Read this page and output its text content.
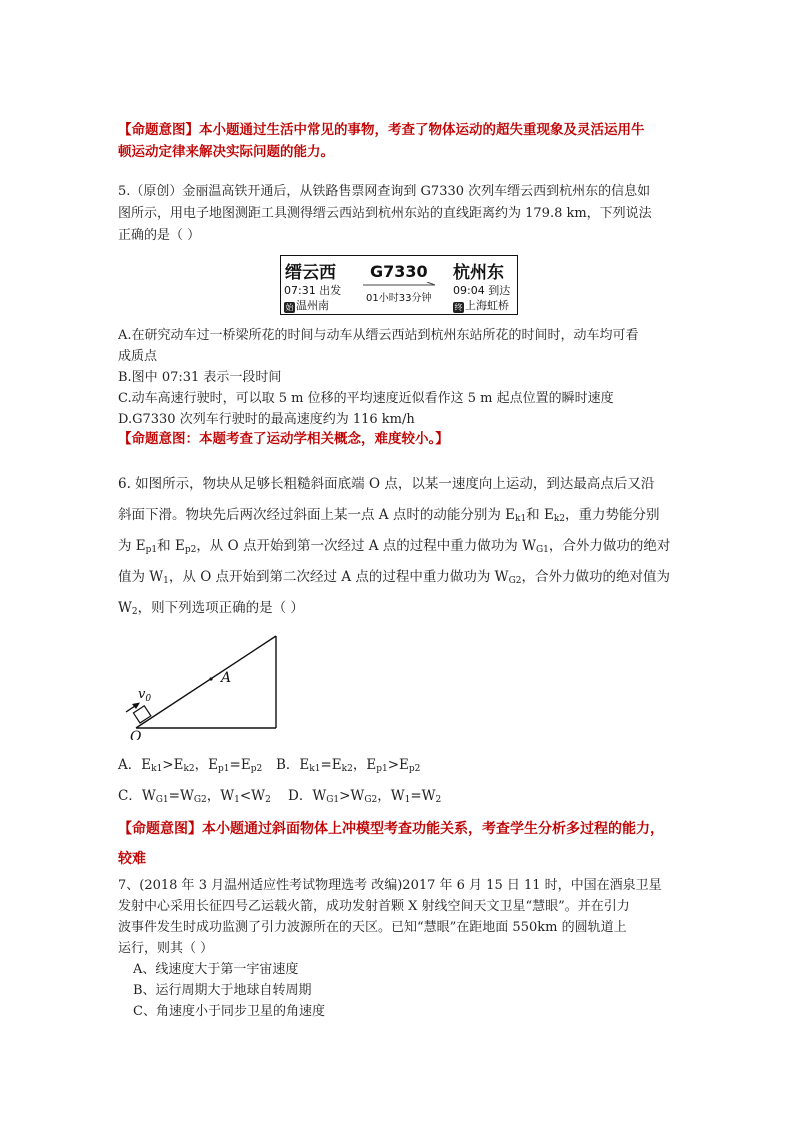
【命题意图】本小题通过生活中常见的事物，考查了物体运动的超失重现象及灵活运用牛
顿运动定律来解决实际问题的能力。
5.（原创）金丽温高铁开通后，从铁路售票网查询到 G7330 次列车缙云西到杭州东的信息如
图所示，用电子地图测距工具测得缙云西站到杭州东站的直线距离约为 179.8 km，下列说法
正确的是（ ）
缙云西 G7330 杭州东
07:31 出发
01小时33分钟
09:04 到达
始 温州南	终 上海虹桥
A.在研究动车过一桥梁所花的时间与动车从缙云西站到杭州东站所花的时间时，动车均可看
成质点
B.图中 07:31 表示一段时间
C.动车高速行驶时，可以取 5 m 位移的平均速度近似看作这 5 m 起点位置的瞬时速度
D.G7330 次列车行驶时的最高速度约为 116 km/h
【命题意图：本题考查了运动学相关概念，难度较小。】
6. 如图所示，物块从足够长粗糙斜面底端 O 点，以某一速度向上运动，到达最高点后又沿
斜面下滑。物块先后两次经过斜面上某一点 A 点时的动能分别为 $E_{k1}$和 $E_{k2}$，重力势能分别
为 $E_{p1}$和 $E_{p2}$，从 O 点开始到第一次经过 A 点的过程中重力做功为 $W_{G1}$，合外力做功的绝对
值为 $W_1$，从 O 点开始到第二次经过 A 点的过程中重力做功为 $W_{G2}$，合外力做功的绝对值为
$W_2$，则下列选项正确的是（ ）
$v_0$
A
O
A．$E_{k1}>E_{k2}$，$E_{p1}=E_{p2}$ B．$E_{k1}=E_{k2}$，$E_{p1}>E_{p2}$
C．$W_{G1}=W_{G2}$，$W_1<W_2$ D．$W_{G1}>W_{G2}$，$W_1=W_2$
【命题意图】本小题通过斜面物体上冲模型考查功能关系，考查学生分析多过程的能力，
较难
7、(2018 年 3 月温州适应性考试物理选考 改编)2017 年 6 月 15 日 11 时，中国在酒泉卫星
发射中心采用长征四号乙运载火箭，成功发射首颗 X 射线空间天文卫星“慧眼”。并在引力
波事件发生时成功监测了引力波源所在的天区。已知“慧眼”在距地面 550km 的圆轨道上
运行，则其（ ）
A、线速度大于第一宇宙速度
B、运行周期大于地球自转周期
C、角速度小于同步卫星的角速度
